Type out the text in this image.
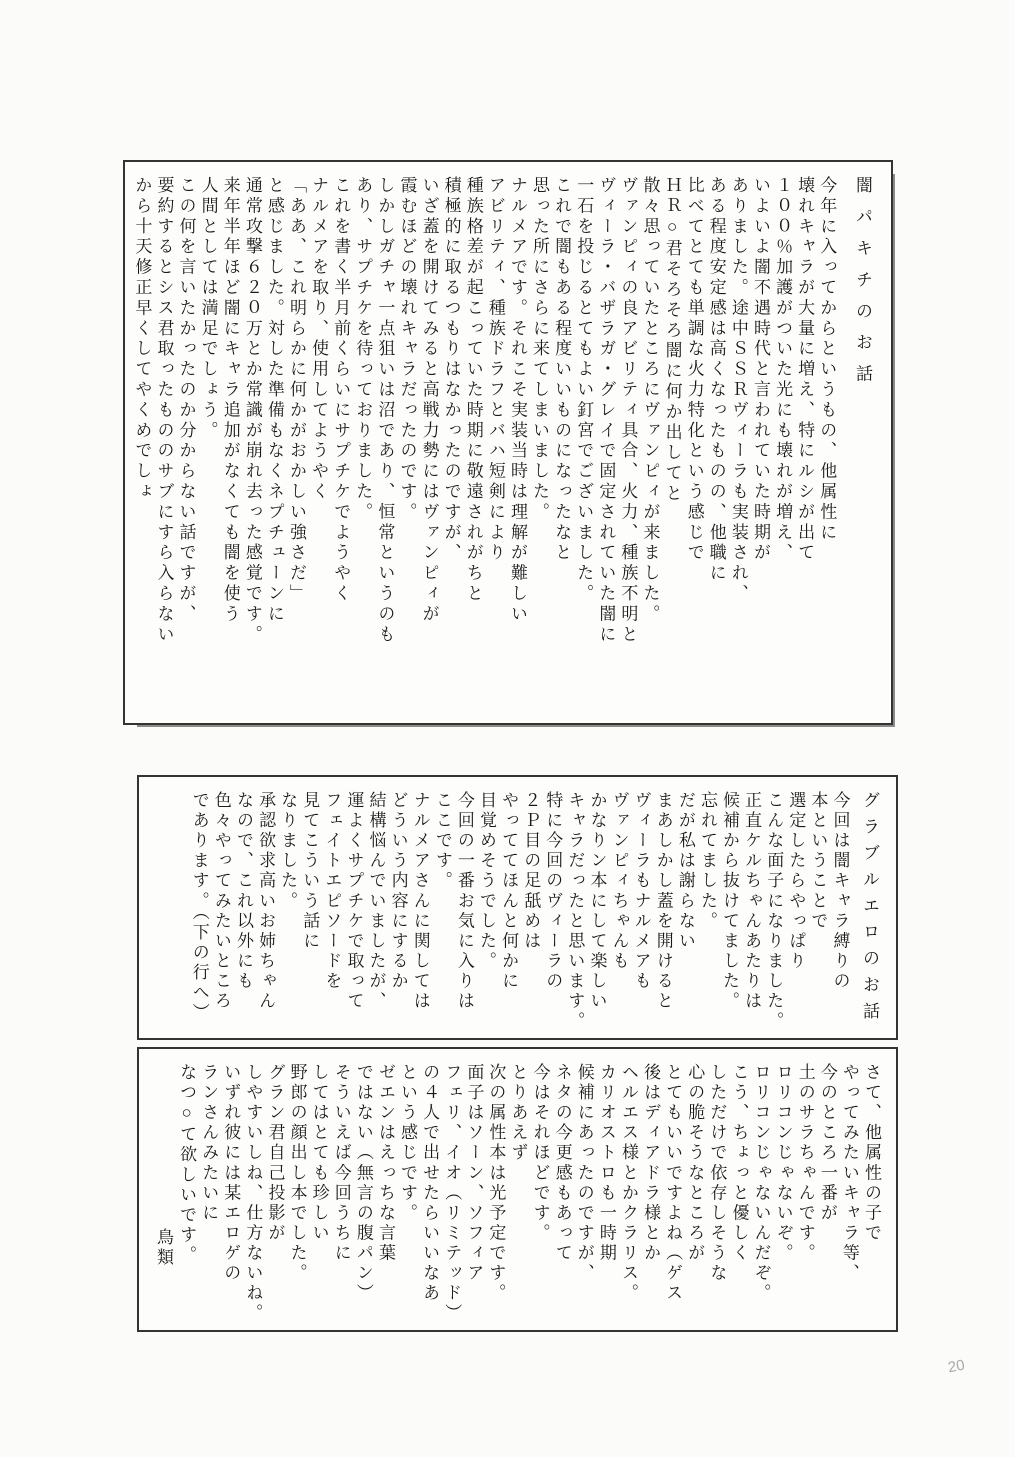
闇パキチのお話
今年に入ってからというもの、他属性に
壊れキャラが大量に増え、特にルシが出て
１００％加護がついた光にも壊れが増え、
いよいよ闇不遇時代と言われていた時期が
ありました。途中ＳＳＲヴィーラも実装され、
ある程度安定感は高くなったものの、他職に
比べてとても単調な火力特化という感じで
ＨＲ○君そろそろ闇に何か出してと
散々思っていたところにヴァンピィが来ました。
ヴァンピィの良アビリティ具合、火力、種族不明と
ヴィーラ・バザラガ・グレイで固定されていた闇に
一石を投じるとてもよい釘宮でございました。
これで闇もある程度いいものになったなと
思った所にさらに来てしまいました。
ナルメアです。それこそ実装当時は理解が難しい
アビリティ、種族ドラフとバハ短剣により
種族格差が起こっていた時期に敬遠されがちと
積極的に取るつもりはなかったのですが、
いざ蓋を開けてみると高戦力勢にはヴァンピィが
霞むほどの壊れキャラだったのです。
しかしガチャ一点狙いは沼であり、恒常というのも
あり、サプチケを待っておりました。
これを書く半月前くらいにサプチケでようやく
ナルメアを取り、使用してようやく
「ああ、これ明らかに何かがおかしい強さだ」
と感じました。対した準備もなくネプチューンに
通常攻撃６２０万とか常識が崩れ去った感覚です。
来年半年ほど闇にキャラ追加がなくても闇を使う
人間としては満足でしょう。
この何を言いたかったのか分からない話ですが、
要約するとシス君取ったもののサブにすら入らない
から十天修正早くしてやくめでしょ
グラブルエロのお話
今回は闇キャラ縛りの
本ということで
選定したらやっぱり
こんな面子になりました。
正直ケルちゃんあたりは
候補から抜けてました。
忘れてました。
だが私は謝らない
まあしかし蓋を開けると
ヴィーラもナルメアも
ヴァンピィちゃんも
かなりン本にして楽しい
キャラだったと思います。
特に今回のヴィーラの
２Ｐ目の足舐めは
やっててほんと何かに
目覚めそうでした。
今回の一番お気に入りは
ここです。
ナルメアさんに関しては
どういう内容にするか
結構悩んでいましたが、
運よくサプチケで取って
フェイトエピソードを
見てこういう話に
なりました。
承認欲求高いお姉ちゃん
なので、これ以外にも
色々やってみたいところ
であります。（下の行へ）
さて、他属性の子で
やってみたいキャラ等、
今のところ一番が
土のサラちゃんです。
ロリコンじゃないぞ。
ロリコンじゃないんだぞ。
こう、ちょっと優しく
しただけで依存しそうな
心の脆そうなところが
とてもいいですよね（ゲス
後はディアドラ様とか
ヘルエス様とかクラリス。
カリオストロも一時期
候補にあったのですが、
ネタの今更感もあって
今はそれほどです。
とりあえず
次の属性本は光予定です。
面子はソーン、ソフィア
フェリ、イオ（リミテッド）
の４人で出せたらいいなあ
という感じです。
ゼエンはえっちな言葉
ではない（無言の腹パン）
そういえば今回うちに
してはとても珍しい
野郎の顔出し本でした。
グラン君自己投影が
しやすいしね、仕方ないね。
いずれ彼には某エロゲの
ランさんみたいに
なつ○て欲しいです。
鳥類
20
